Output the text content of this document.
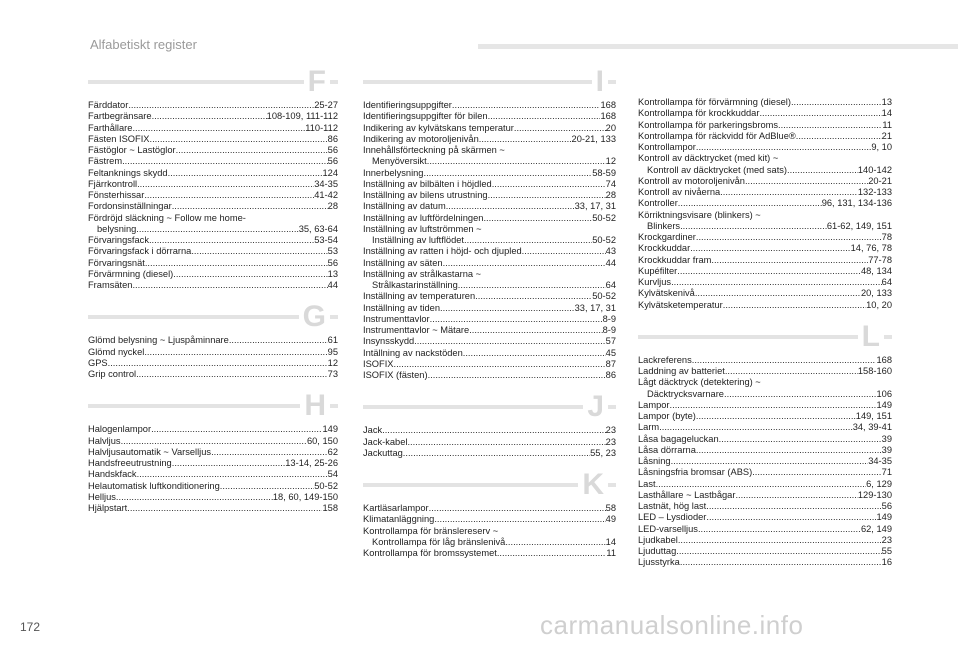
Alfabetiskt register
F
Färddator .....	25-27
Fartbegränsare .....	108-109, 111-112
Farthållare .....	110-112
Fästen ISOFIX .....	86
Fästöglor ~ Lastöglor .....	56
Fästrem .....	56
Feltanknings skydd .....	124
Fjärrkontroll .....	34-35
Fönsterhissar .....	41-42
Fordonsinställningar .....	28
Fördröjd släckning ~ Follow me home-
belysning .....	35, 63-64
Förvaringsfack .....	53-54
Förvaringsfack i dörrarna .....	53
Förvaringsnät .....	56
Förvärmning (diesel) .....	13
Framsäten .....	44
G
Glömd belysning ~ Ljuspåminnare .....	61
Glömd nyckel .....	95
GPS .....	12
Grip control .....	73
H
Halogenlampor .....	149
Halvljus .....	60, 150
Halvljusautomatik ~ Varselljus .....	62
Handsfreeutrustning .....	13-14, 25-26
Handskfack .....	54
Helautomatisk luftkonditionering .....	50-52
Helljus .....	18, 60, 149-150
Hjälpstart .....	158
I
Identifieringsuppgifter .....	168
Identifieringsuppgifter för bilen .....	168
Indikering av kylvätskans temperatur .....	20
Indikering av motoroljenivån .....	20-21, 133
Innehållsförteckning på skärmen ~
Menyöversikt .....	12
Innerbelysning .....	58-59
Inställning av bilbälten i höjdled .....	74
Inställning av bilens utrustning .....	28
Inställning av datum .....	33, 17, 31
Inställning av luftfördelningen .....	50-52
Inställning av luftströmmen ~
Inställning av luftflödet .....	50-52
Inställning av ratten i höjd- och djupled .....	43
Inställning av säten .....	44
Inställning av strålkastarna ~
Strålkastarinställning .....	64
Inställning av temperaturen .....	50-52
Inställning av tiden .....	33, 17, 31
Instrumenttavlor .....	8-9
Instrumenttavlor ~ Mätare .....	8-9
Insynsskydd .....	57
Intällning av nackstöden .....	45
ISOFIX .....	87
ISOFIX (fästen) .....	86
J
Jack .....	23
Jack-kabel .....	23
Jackuttag .....	55, 23
K
Kartläsarlampor .....	58
Klimatanläggning .....	49
Kontrollampa för bränslereserv ~
Kontrollampa för låg bränslenivå .....	14
Kontrollampa för bromssystemet .....	11
Kontrollampa för förvärmning (diesel) .....	13
Kontrollampa för krockkuddar .....	14
Kontrollampa för parkeringsbroms .....	11
Kontrollampa för räckvidd för AdBlue® .....	21
Kontrollampor .....	9, 10
Kontroll av däcktrycket (med kit) ~
Kontroll av däcktrycket (med sats) .....	140-142
Kontroll av motoroljenivån .....	20-21
Kontroll av nivåerna .....	132-133
Kontroller .....	96, 131, 134-136
Körriktningsvisare (blinkers) ~
Blinkers .....	61-62, 149, 151
Krockgardiner .....	78
Krockkuddar .....	14, 76, 78
Krockkuddar fram .....	77-78
Kupéfilter .....	48, 134
Kurvljus .....	64
Kylvätskenivå .....	20, 133
Kylvätsketemperatur .....	10, 20
L
Lackreferens .....	168
Laddning av batteriet .....	158-160
Lågt däcktryck (detektering) ~
Däcktrycksvarnare .....	106
Lampor .....	149
Lampor (byte) .....	149, 151
Larm .....	34, 39-41
Låsa bagageluckan .....	39
Låsa dörrarna .....	39
Låsning .....	34-35
Låsningsfria bromsar (ABS) .....	71
Last .....	6, 129
Lasthållare ~ Lastbågar .....	129-130
Lastnät, hög last .....	56
LED – Lysdioder .....	149
LED-varselljus .....	62, 149
Ljudkabel .....	23
Ljuduttag .....	55
Ljusstyrka .....	16
172	carmanualsonline.info
